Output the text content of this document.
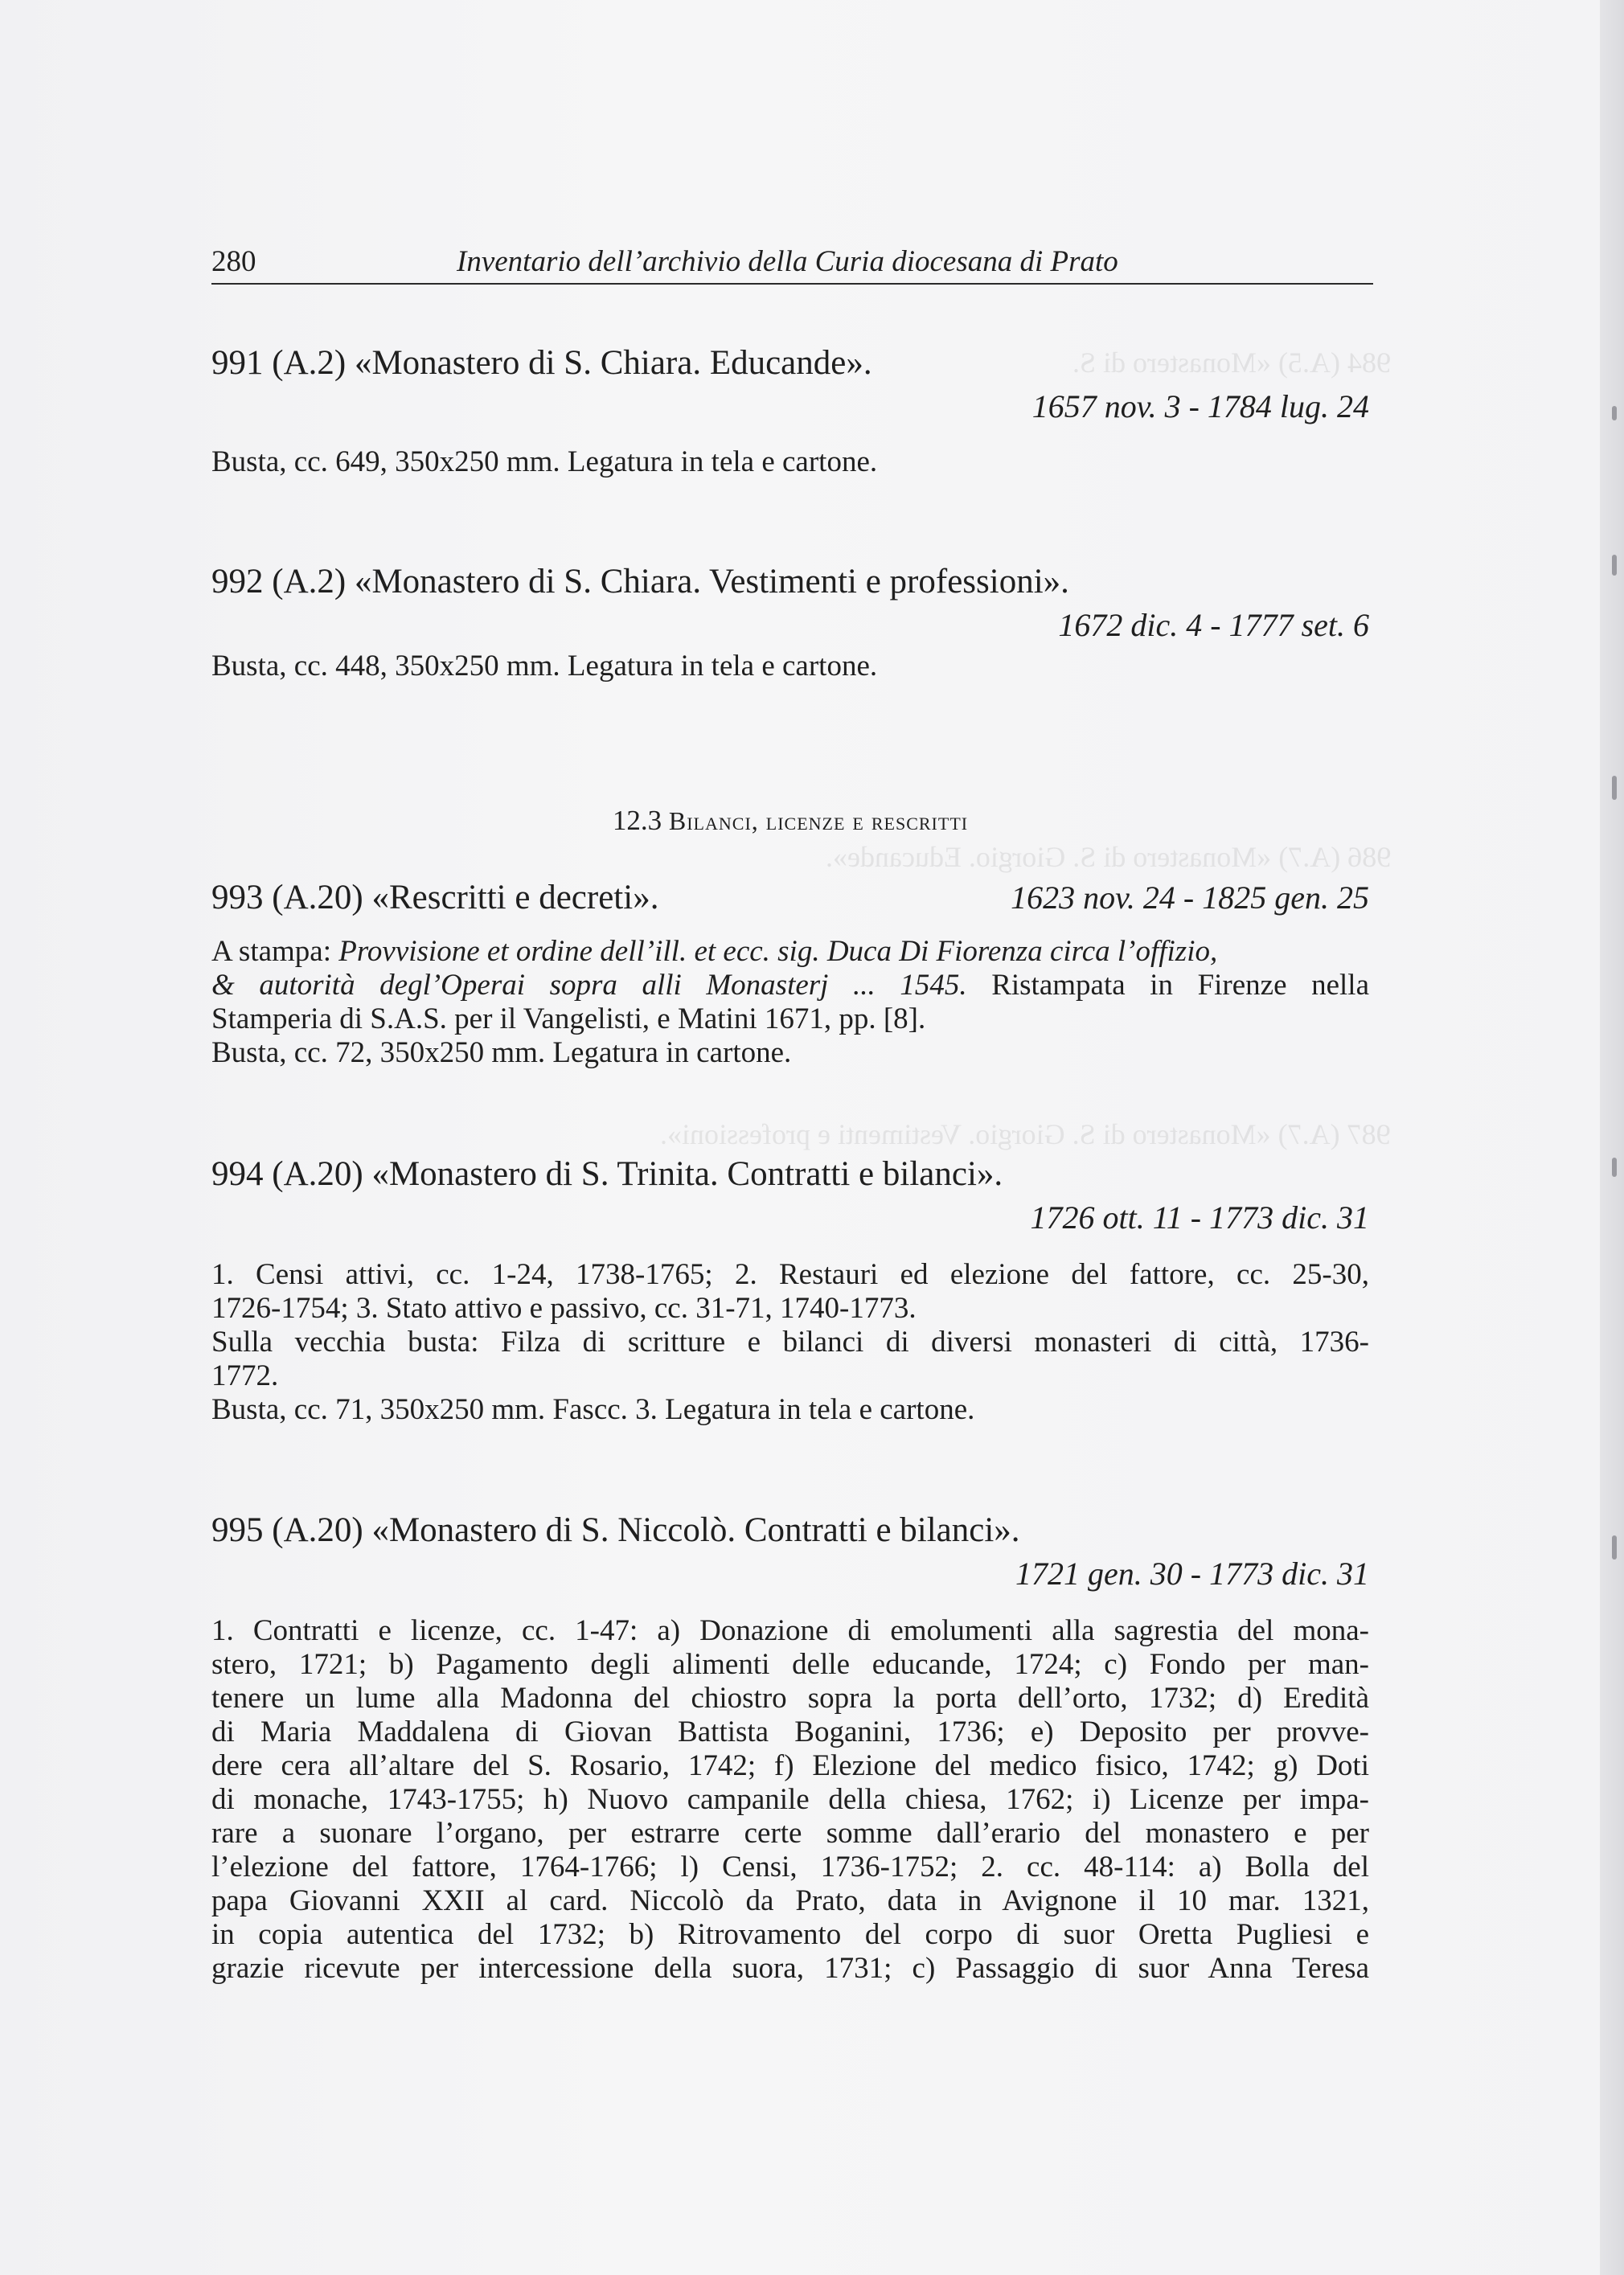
984 (A.5) «Monastero di S.
986 (A.7) «Monastero di S. Giorgio. Educande».
987 (A.7) «Monastero di S. Giorgio. Vestimenti e professioni».
280	Inventario dell’archivio della Curia diocesana di Prato
991 (A.2) «Monastero di S. Chiara. Educande».
1657 nov. 3 - 1784 lug. 24
Busta, cc. 649, 350x250 mm. Legatura in tela e cartone.
992 (A.2) «Monastero di S. Chiara. Vestimenti e professioni».
1672 dic. 4 - 1777 set. 6
Busta, cc. 448, 350x250 mm. Legatura in tela e cartone.
12.3 Bilanci, licenze e rescritti
993 (A.20) «Rescritti e decreti».	1623 nov. 24 - 1825 gen. 25
A stampa: Provvisione et ordine dell’ill. et ecc. sig. Duca Di Fiorenza circa l’offizio,
& autorità degl’Operai sopra alli Monasterj ... 1545. Ristampata in Firenze nella
Stamperia di S.A.S. per il Vangelisti, e Matini 1671, pp. [8].
Busta, cc. 72, 350x250 mm. Legatura in cartone.
994 (A.20) «Monastero di S. Trinita. Contratti e bilanci».
1726 ott. 11 - 1773 dic. 31
1. Censi attivi, cc. 1-24, 1738-1765; 2. Restauri ed elezione del fattore, cc. 25-30,
1726-1754; 3. Stato attivo e passivo, cc. 31-71, 1740-1773.
Sulla vecchia busta: Filza di scritture e bilanci di diversi monasteri di città, 1736-
1772.
Busta, cc. 71, 350x250 mm. Fascc. 3. Legatura in tela e cartone.
995 (A.20) «Monastero di S. Niccolò. Contratti e bilanci».
1721 gen. 30 - 1773 dic. 31
1. Contratti e licenze, cc. 1-47: a) Donazione di emolumenti alla sagrestia del mona-
stero, 1721; b) Pagamento degli alimenti delle educande, 1724; c) Fondo per man-
tenere un lume alla Madonna del chiostro sopra la porta dell’orto, 1732; d) Eredità
di Maria Maddalena di Giovan Battista Boganini, 1736; e) Deposito per provve-
dere cera all’altare del S. Rosario, 1742; f) Elezione del medico fisico, 1742; g) Doti
di monache, 1743-1755; h) Nuovo campanile della chiesa, 1762; i) Licenze per impa-
rare a suonare l’organo, per estrarre certe somme dall’erario del monastero e per
l’elezione del fattore, 1764-1766; l) Censi, 1736-1752; 2. cc. 48-114: a) Bolla del
papa Giovanni XXII al card. Niccolò da Prato, data in Avignone il 10 mar. 1321,
in copia autentica del 1732; b) Ritrovamento del corpo di suor Oretta Pugliesi e
grazie ricevute per intercessione della suora, 1731; c) Passaggio di suor Anna Teresa
